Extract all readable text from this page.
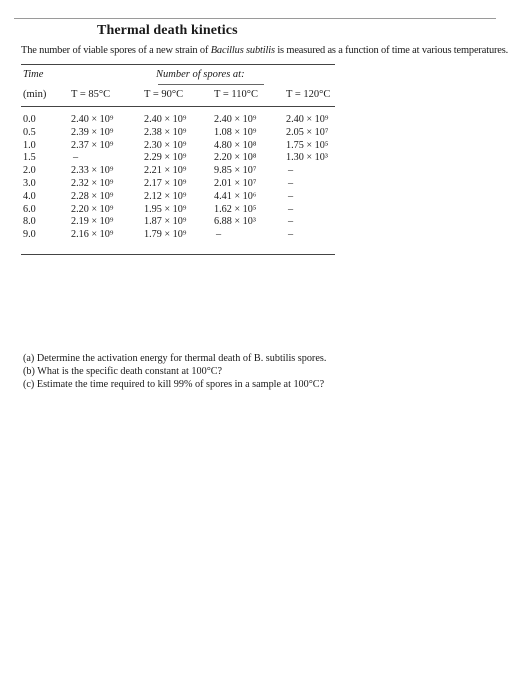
Thermal death kinetics
The number of viable spores of a new strain of Bacillus subtilis is measured as a function of time at various temperatures.
Time	Number of spores at:
(min) T = 85°C	T = 90°C	T = 110°C	T = 120°C
0.0	2.40 × 10⁹	2.40 × 10⁹	2.40 × 10⁹	2.40 × 10⁹
0.5	2.39 × 10⁹	2.38 × 10⁹	1.08 × 10⁹	2.05 × 10⁷
1.0	2.37 × 10⁹	2.30 × 10⁹	4.80 × 10⁸	1.75 × 10⁵
1.5	–	2.29 × 10⁹	2.20 × 10⁸	1.30 × 10³
2.0	2.33 × 10⁹	2.21 × 10⁹	9.85 × 10⁷	–
3.0	2.32 × 10⁹	2.17 × 10⁹	2.01 × 10⁷	–
4.0	2.28 × 10⁹	2.12 × 10⁹	4.41 × 10⁶	–
6.0	2.20 × 10⁹	1.95 × 10⁹	1.62 × 10⁵	–
8.0	2.19 × 10⁹	1.87 × 10⁹	6.88 × 10³	–
9.0	2.16 × 10⁹	1.79 × 10⁹	–	–
(a) Determine the activation energy for thermal death of B. subtilis spores.
(b) What is the specific death constant at 100°C?
(c) Estimate the time required to kill 99% of spores in a sample at 100°C?
